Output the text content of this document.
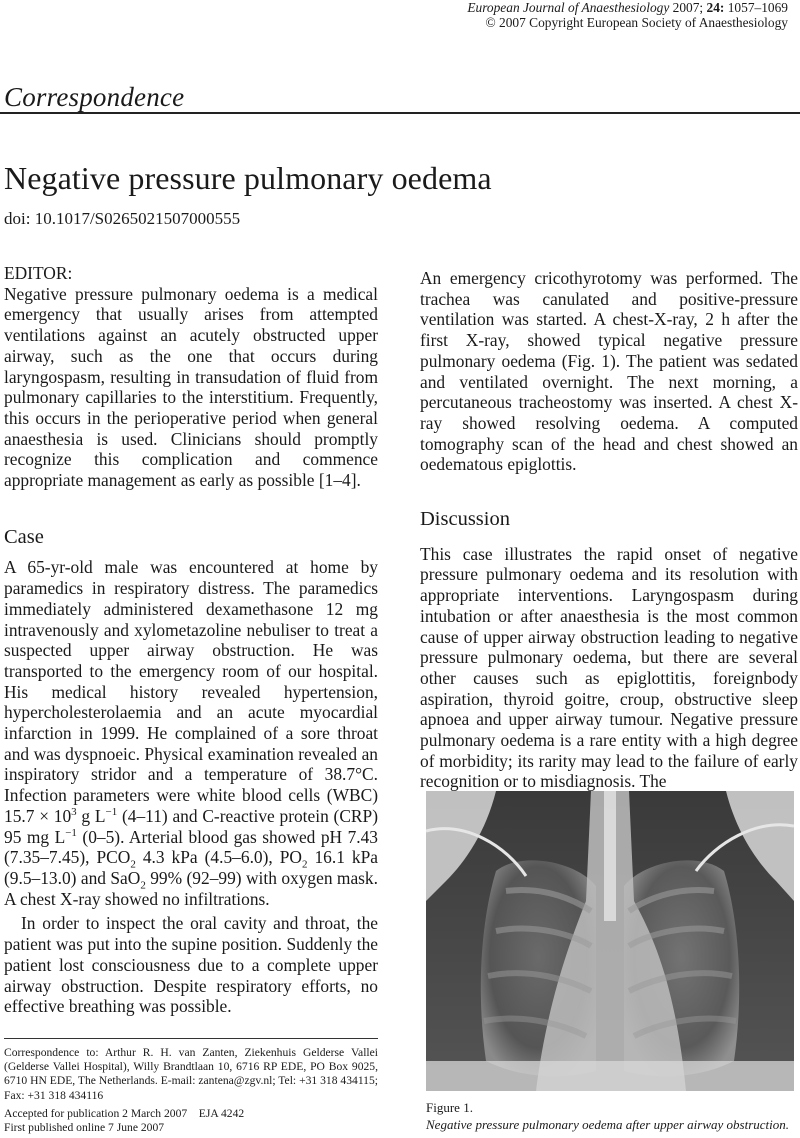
European Journal of Anaesthesiology 2007; 24: 1057–1069
© 2007 Copyright European Society of Anaesthesiology
Correspondence
Negative pressure pulmonary oedema
doi: 10.1017/S0265021507000555

EDITOR:

Negative pressure pulmonary oedema is a medical emergency that usually arises from attempted ventilations against an acutely obstructed upper airway, such as the one that occurs during laryngospasm, resulting in transudation of fluid from pulmonary capillaries to the interstitium. Frequently, this occurs in the perioperative period when general anaesthesia is used. Clinicians should promptly recognize this complication and commence appropriate management as early as possible [1–4].

Case

A 65-yr-old male was encountered at home by paramedics in respiratory distress. The paramedics immediately administered dexamethasone 12 mg intravenously and xylometazoline nebuliser to treat a suspected upper airway obstruction. He was transported to the emergency room of our hospital. His medical history revealed hypertension, hypercholesterolaemia and an acute myocardial infarction in 1999. He complained of a sore throat and was dyspnoeic. Physical examination revealed an inspiratory stridor and a temperature of 38.7°C. Infection parameters were white blood cells (WBC) $15.7 \times 10^3$ g $L^{-1}$ (4–11) and C-reactive protein (CRP) 95 mg $L^{-1}$ (0–5). Arterial blood gas showed pH 7.43 (7.35–7.45), $PCO_2$ 4.3 kPa (4.5–6.0), $PO_2$ 16.1 kPa (9.5–13.0) and SaO$_2$ 99% (92–99) with oxygen mask. A chest X-ray showed no infiltrations.

In order to inspect the oral cavity and throat, the patient was put into the supine position. Suddenly the patient lost consciousness due to a complete upper airway obstruction. Despite respiratory efforts, no effective breathing was possible.

An emergency cricothyrotomy was performed. The trachea was canulated and positive-pressure ventilation was started. A chest-X-ray, 2 h after the first X-ray, showed typical negative pressure pulmonary oedema (Fig. 1). The patient was sedated and ventilated overnight. The next morning, a percutaneous tracheostomy was inserted. A chest X-ray showed resolving oedema. A computed tomography scan of the head and chest showed an oedematous epiglottis.

Discussion

This case illustrates the rapid onset of negative pressure pulmonary oedema and its resolution with appropriate interventions. Laryngospasm during intubation or after anaesthesia is the most common cause of upper airway obstruction leading to negative pressure pulmonary oedema, but there are several other causes such as epiglottitis, foreignbody aspiration, thyroid goitre, croup, obstructive sleep apnoea and upper airway tumour. Negative pressure pulmonary oedema is a rare entity with a high degree of morbidity; its rarity may lead to the failure of early recognition or to misdiagnosis. The

Figure 1.
Negative pressure pulmonary oedema after upper airway obstruction.
Correspondence to: Arthur R. H. van Zanten, Ziekenhuis Gelderse Vallei (Gelderse Vallei Hospital), Willy Brandtlaan 10, 6716 RP EDE, PO Box 9025, 6710 HN EDE, The Netherlands. E-mail: zantena@zgv.nl; Tel: +31 318 434115; Fax: +31 318 434116
Accepted for publication 2 March 2007    EJA 4242
First published online 7 June 2007
